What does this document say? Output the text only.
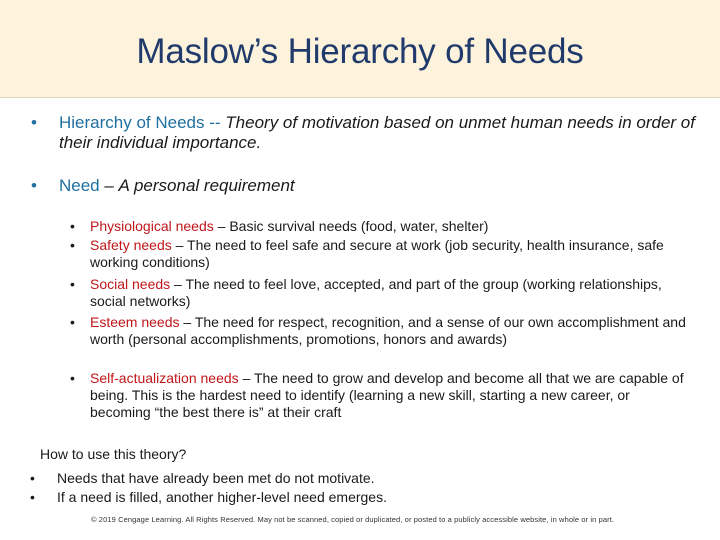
Maslow’s Hierarchy of Needs
• Hierarchy of Needs -- Theory of motivation based on unmet human needs in order of their individual importance.
• Need – A personal requirement
• Physiological needs – Basic survival needs (food, water, shelter)
• Safety needs – The need to feel safe and secure at work (job security, health insurance, safe working conditions)
• Social needs – The need to feel love, accepted, and part of the group (working relationships, social networks)
• Esteem needs – The need for respect, recognition, and a sense of our own accomplishment and worth (personal accomplishments, promotions, honors and awards)
• Self-actualization needs – The need to grow and develop and become all that we are capable of being. This is the hardest need to identify (learning a new skill, starting a new career, or becoming “the best there is” at their craft
How to use this theory?
• Needs that have already been met do not motivate.
• If a need is filled, another higher-level need emerges.
© 2019 Cengage Learning. All Rights Reserved. May not be scanned, copied or duplicated, or posted to a publicly accessible website, in whole or in part.
